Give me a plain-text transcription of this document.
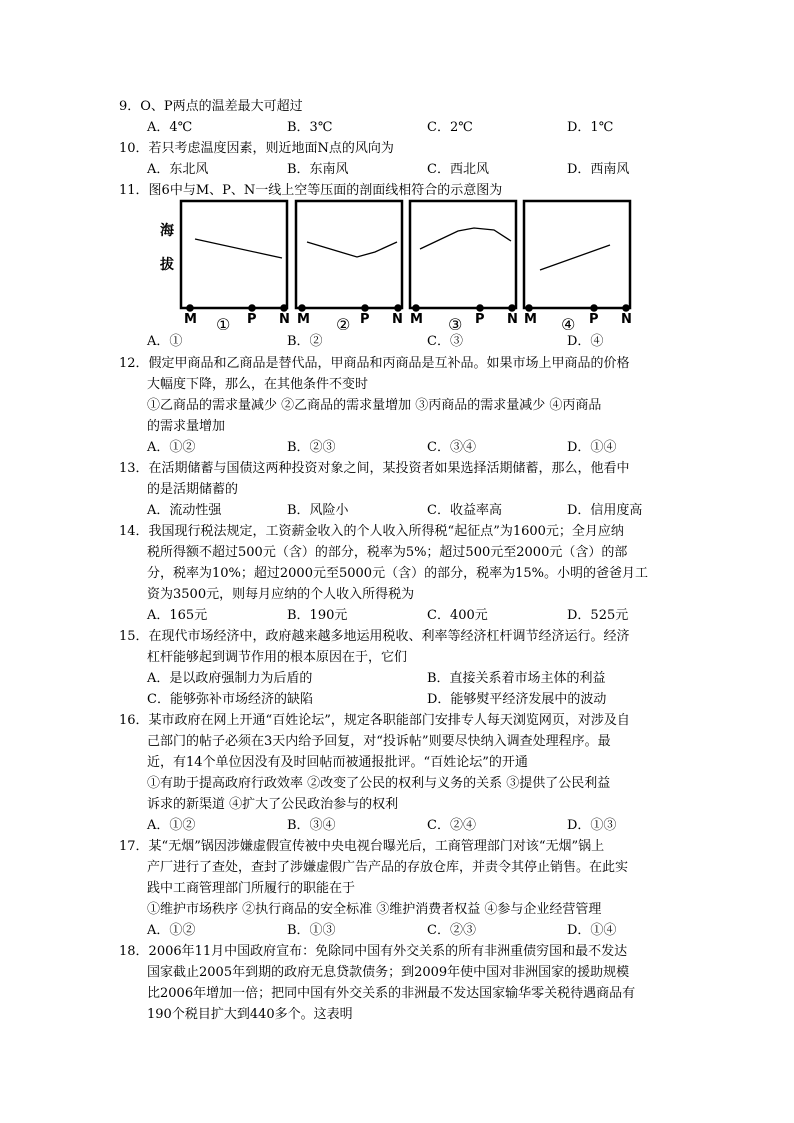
9．O、P两点的温差最大可超过
A．4℃	B．3℃	C．2℃	D．1℃
10．若只考虑温度因素，则近地面N点的风向为
A．东北风	B．东南风	C．西北风	D．西南风
11．图6中与M、P、N一线上空等压面的剖面线相符合的示意图为
海
拔
M ① P N M ② P N M ③ P N M ④ P N
A．①	B．②	C．③	D．④
12．假定甲商品和乙商品是替代品，甲商品和丙商品是互补品。如果市场上甲商品的价格
大幅度下降，那么，在其他条件不变时
①乙商品的需求量减少 ②乙商品的需求量增加 ③丙商品的需求量减少 ④丙商品
的需求量增加
A．①②	B．②③	C．③④	D．①④
13．在活期储蓄与国债这两种投资对象之间，某投资者如果选择活期储蓄，那么，他看中
的是活期储蓄的
A．流动性强	B．风险小	C．收益率高	D．信用度高
14．我国现行税法规定，工资薪金收入的个人收入所得税“起征点”为1600元；全月应纳
税所得额不超过500元（含）的部分，税率为5%；超过500元至2000元（含）的部
分，税率为10%；超过2000元至5000元（含）的部分，税率为15%。小明的爸爸月工
资为3500元，则每月应纳的个人收入所得税为
A．165元	B．190元	C．400元	D．525元
15．在现代市场经济中，政府越来越多地运用税收、利率等经济杠杆调节经济运行。经济
杠杆能够起到调节作用的根本原因在于，它们
A．是以政府强制力为后盾的	B．直接关系着市场主体的利益
C．能够弥补市场经济的缺陷	D．能够熨平经济发展中的波动
16．某市政府在网上开通“百姓论坛”，规定各职能部门安排专人每天浏览网页，对涉及自
己部门的帖子必须在3天内给予回复，对“投诉帖”则要尽快纳入调查处理程序。最
近，有14个单位因没有及时回帖而被通报批评。“百姓论坛”的开通
①有助于提高政府行政效率 ②改变了公民的权利与义务的关系 ③提供了公民利益
诉求的新渠道 ④扩大了公民政治参与的权利
A．①②	B．③④	C．②④	D．①③
17．某“无烟”锅因涉嫌虚假宣传被中央电视台曝光后，工商管理部门对该“无烟”锅上
产厂进行了查处，查封了涉嫌虚假广告产品的存放仓库，并责令其停止销售。在此实
践中工商管理部门所履行的职能在于
①维护市场秩序 ②执行商品的安全标准 ③维护消费者权益 ④参与企业经营管理
A．①②	B．①③	C．②③	D．①④
18．2006年11月中国政府宣布：免除同中国有外交关系的所有非洲重债穷国和最不发达
国家截止2005年到期的政府无息贷款债务；到2009年使中国对非洲国家的援助规模
比2006年增加一倍；把同中国有外交关系的非洲最不发达国家输华零关税待遇商品有
190个税目扩大到440多个。这表明
